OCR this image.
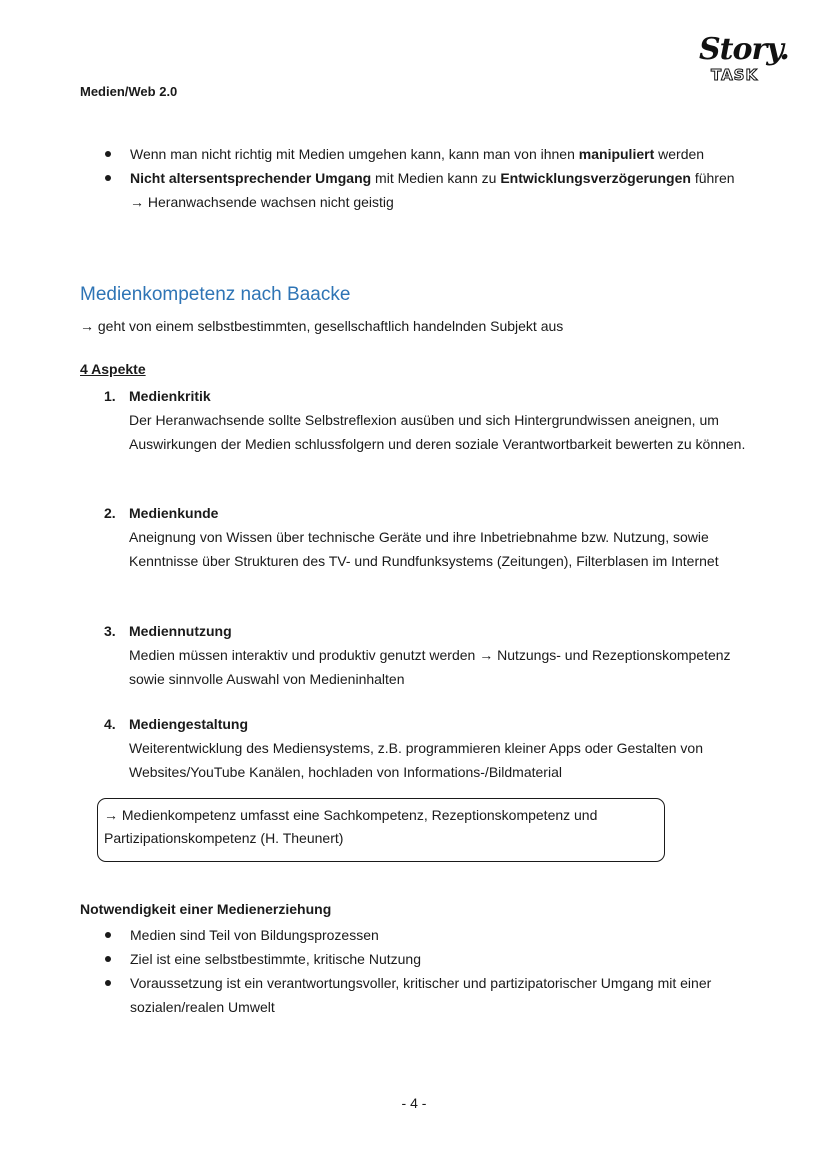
Medien/Web 2.0
Story.
TASK
Wenn man nicht richtig mit Medien umgehen kann, kann man von ihnen manipuliert werden
Nicht altersentsprechender Umgang mit Medien kann zu Entwicklungsverzögerungen führen → Heranwachsende wachsen nicht geistig
Medienkompetenz nach Baacke
→ geht von einem selbstbestimmten, gesellschaftlich handelnden Subjekt aus
4 Aspekte
1. Medienkritik
Der Heranwachsende sollte Selbstreflexion ausüben und sich Hintergrundwissen aneignen, um Auswirkungen der Medien schlussfolgern und deren soziale Verantwortbarkeit bewerten zu können.
2. Medienkunde
Aneignung von Wissen über technische Geräte und ihre Inbetriebnahme bzw. Nutzung, sowie Kenntnisse über Strukturen des TV- und Rundfunksystems (Zeitungen), Filterblasen im Internet
3. Mediennutzung
Medien müssen interaktiv und produktiv genutzt werden → Nutzungs- und Rezeptionskompetenz sowie sinnvolle Auswahl von Medieninhalten
4. Mediengestaltung
Weiterentwicklung des Mediensystems, z.B. programmieren kleiner Apps oder Gestalten von Websites/YouTube Kanälen, hochladen von Informations-/Bildmaterial
→ Medienkompetenz umfasst eine Sachkompetenz, Rezeptionskompetenz und Partizipationskompetenz (H. Theunert)
Notwendigkeit einer Medienerziehung
Medien sind Teil von Bildungsprozessen
Ziel ist eine selbstbestimmte, kritische Nutzung
Voraussetzung ist ein verantwortungsvoller, kritischer und partizipatorischer Umgang mit einer sozialen/realen Umwelt
- 4 -
